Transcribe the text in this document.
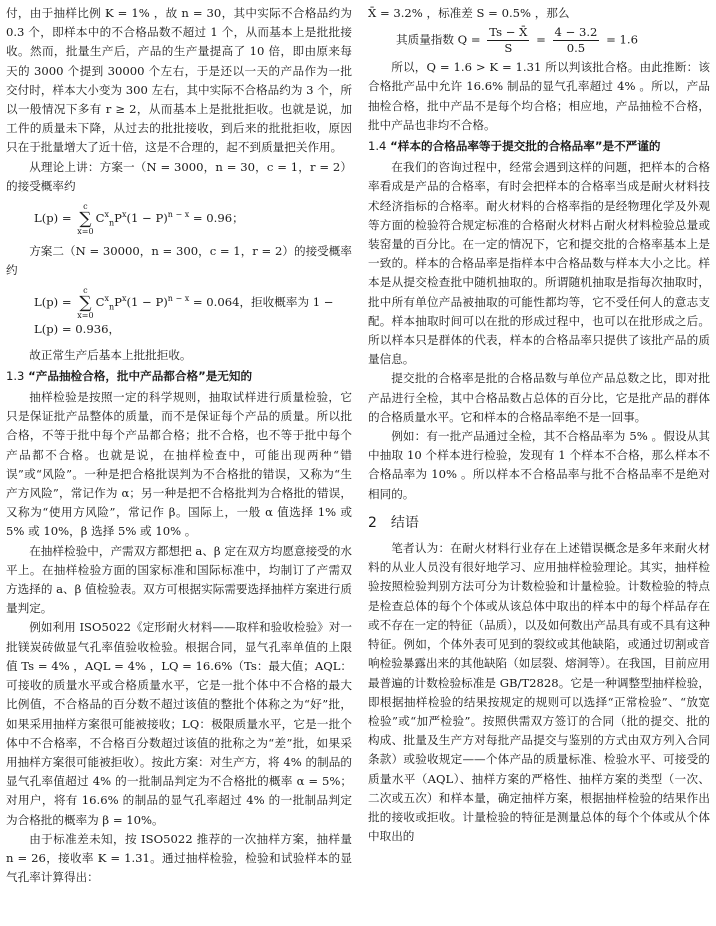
付，由于抽样比例 K = 1% ，故 n = 30，其中实际不合格品约为 0.3 个，即样本中的不合格品数不超过 1 个，从而基本上是批批接收。然而，批量生产后，产品的生产量提高了 10 倍，即由原来每天的 3000 个提到 30000 个左右，于是还以一天的产品作为一批交付时，样本大小变为 300 左右，其中实际不合格品约为 3 个，所以一般情况下多有 r ≥ 2，从而基本上是批批拒收。也就是说，加工件的质量未下降，从过去的批批接收，到后来的批批拒收，原因只在于批量增大了近十倍，这是不合理的，起不到质量把关作用。

从理论上讲：方案一（N = 3000，n = 30，c = 1，r = 2）的接受概率约

L(p) = c
∑
$x=0C^x_nP^x(1 - P)^{n - x} = 0.96$；

方案二（N = 30000，n = 300，c = 1，r = 2）的接受概率约

L(p) = c
∑
$x=0C^x_nP^x(1 - P)^{n - x} = 0.064$，拒收概率为 1 − L(p) = 0.936，

故正常生产后基本上批批拒收。

1.3 “产品抽检合格，批中产品都合格”是无知的

抽样检验是按照一定的科学规则，抽取试样进行质量检验，它只是保证批产品整体的质量，而不是保证每个产品的质量。所以批合格，不等于批中每个产品都合格；批不合格，也不等于批中每个产品都不合格。也就是说，在抽样检查中，可能出现两种“错误”或“风险”。一种是把合格批误判为不合格批的错误，又称为“生产方风险”，常记作为 α；另一种是把不合格批判为合格批的错误，又称为“使用方风险”，常记作 β。国际上，一般 α 值选择 1% 或 5% 或 10%，β 选择 5% 或 10% 。

在抽样检验中，产需双方都想把 a、β 定在双方均愿意接受的水平上。在抽样检验方面的国家标准和国际标准中，均制订了产需双方选择的 a、β 值检验表。双方可根据实际需要选择抽样方案进行质量判定。

例如利用 ISO5022《定形耐火材料——取样和验收检验》对一批镁炭砖做显气孔率值验收检验。根据合同，显气孔率单值的上限值 Ts = 4% ，AQL = 4% ，LQ = 16.6%（Ts：最大值；AQL：可接收的质量水平或合格质量水平，它是一批个体中不合格的最大比例值，不合格品的百分数不超过该值的整批个体称之为“好”批，如果采用抽样方案很可能被接收；LQ：极限质量水平，它是一批个体中不合格率，不合格百分数超过该值的批称之为“差”批，如果采用抽样方案很可能被拒收）。按此方案：对生产方，将 4% 的制品的显气孔率值超过 4% 的一批制品判定为不合格批的概率 α = 5%；对用户，将有 16.6% 的制品的显气孔率超过 4% 的一批制品判定为合格批的概率为 β = 10%。

由于标准差未知，按 ISO5022 推荐的一次抽样方案，抽样量 n = 26，接收率 K = 1.31。通过抽样检验，检验和试验样本的显气孔率计算得出：

X̄ = 3.2% ，标准差 S = 0.5% ，那么

其质量指数 $Q = \frac{Ts - X̄}{S} = \frac{4 - 3.2}{0.5} = 1.6$

所以，Q = 1.6 > K = 1.31 所以判该批合格。由此推断：该合格批产品中允许 16.6% 制品的显气孔率超过 4% 。所以，产品抽检合格，批中产品不是每个均合格；相应地，产品抽检不合格，批中产品也非均不合格。

1.4 “样本的合格品率等于提交批的合格品率”是不严谨的

在我们的咨询过程中，经常会遇到这样的问题，把样本的合格率看成是产品的合格率，有时会把样本的合格率当成是耐火材料技术经济指标的合格率。耐火材料的合格率指的是经物理化学及外观等方面的检验符合规定标准的合格耐火材料占耐火材料检验总量或装窑量的百分比。在一定的情况下，它和提交批的合格率基本上是一致的。样本的合格品率是指样本中合格品数与样本大小之比。样本是从提交检查批中随机抽取的。所谓随机抽取是指每次抽取时，批中所有单位产品被抽取的可能性都均等，它不受任何人的意志支配。样本抽取时间可以在批的形成过程中，也可以在批形成之后。所以样本只是群体的代表，样本的合格品率只提供了该批产品的质量信息。

提交批的合格率是批的合格品数与单位产品总数之比，即对批产品进行全检，其中合格品数占总体的百分比，它是批产品的群体的合格质量水平。它和样本的合格品率绝不是一回事。

例如：有一批产品通过全检，其不合格品率为 5% 。假设从其中抽取 10 个样本进行检验，发现有 1 个样本不合格，那么样本不合格品率为 10% 。所以样本不合格品率与批不合格品率不是绝对相同的。

2 结语

笔者认为：在耐火材料行业存在上述错误概念是多年来耐火材料的从业人员没有很好地学习、应用抽样检验理论。其实，抽样检验按照检验判别方法可分为计数检验和计量检验。计数检验的特点是检查总体的每个个体或从该总体中取出的样本中的每个样品存在或不存在一定的特征（品质），以及如何数出产品具有或不具有这种特征。例如，个体外表可见到的裂纹或其他缺陷，或通过切割或音响检验暴露出来的其他缺陷（如层裂、熔洞等）。在我国，目前应用最普遍的计数检验标准是 GB/T2828。它是一种调整型抽样检验，即根据抽样检验的结果按规定的规则可以选择“正常检验”、“放宽检验”或“加严检验”。按照供需双方签订的合同（批的提交、批的构成、批量及生产方对每批产品提交与鉴别的方式由双方列入合同条款）或验收规定——个体产品的质量标准、检验水平、可接受的质量水平（AQL）、抽样方案的严格性、抽样方案的类型（一次、二次或五次）和样本量，确定抽样方案，根据抽样检验的结果作出批的接收或拒收。计量检验的特征是测量总体的每个个体或从个体中取出的
